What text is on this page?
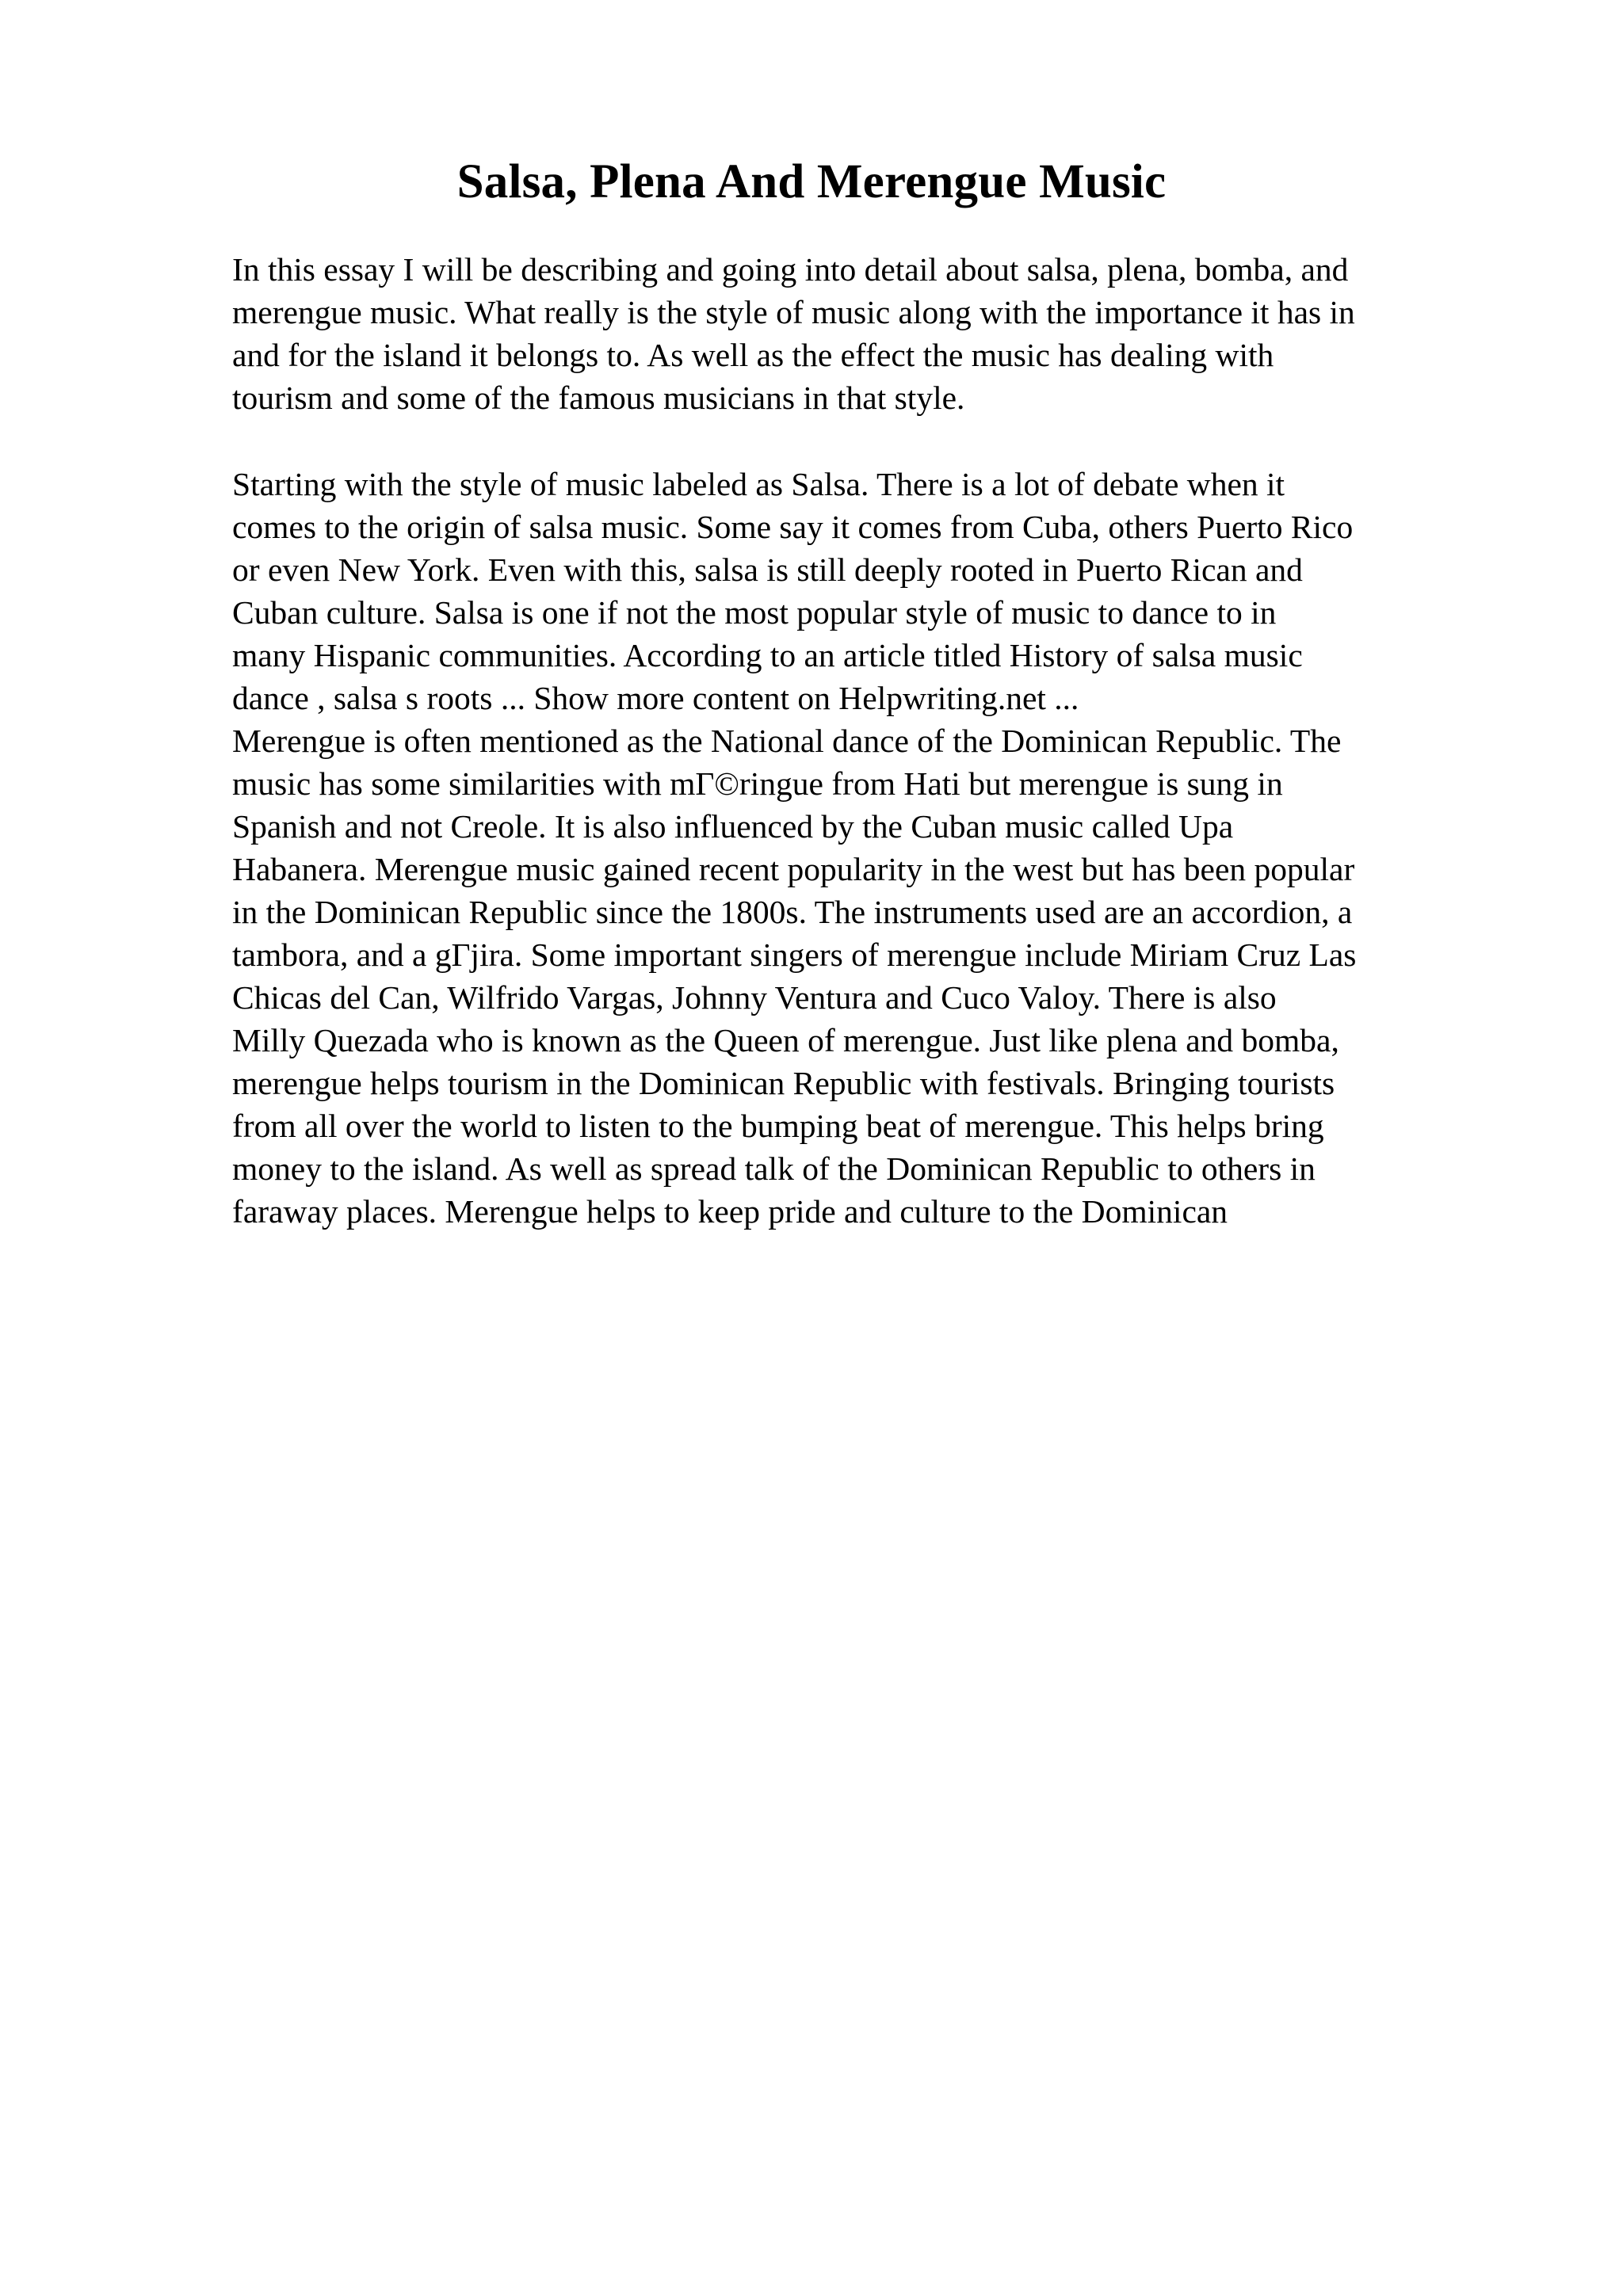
Salsa, Plena And Merengue Music

In this essay I will be describing and going into detail about salsa, plena, bomba, and

merengue music. What really is the style of music along with the importance it has in

and for the island it belongs to. As well as the effect the music has dealing with

tourism and some of the famous musicians in that style.

Starting with the style of music labeled as Salsa. There is a lot of debate when it

comes to the origin of salsa music. Some say it comes from Cuba, others Puerto Rico

or even New York. Even with this, salsa is still deeply rooted in Puerto Rican and

Cuban culture. Salsa is one if not the most popular style of music to dance to in

many Hispanic communities. According to an article titled History of salsa music

dance , salsa s roots ... Show more content on Helpwriting.net ...

Merengue is often mentioned as the National dance of the Dominican Republic. The

music has some similarities with mΓ©ringue from Hati but merengue is sung in

Spanish and not Creole. It is also influenced by the Cuban music called Upa

Habanera. Merengue music gained recent popularity in the west but has been popular

in the Dominican Republic since the 1800s. The instruments used are an accordion, a

tambora, and a gΓjira. Some important singers of merengue include Miriam Cruz Las

Chicas del Can, Wilfrido Vargas, Johnny Ventura and Cuco Valoy. There is also

Milly Quezada who is known as the Queen of merengue. Just like plena and bomba,

merengue helps tourism in the Dominican Republic with festivals. Bringing tourists

from all over the world to listen to the bumping beat of merengue. This helps bring

money to the island. As well as spread talk of the Dominican Republic to others in

faraway places. Merengue helps to keep pride and culture to the Dominican
